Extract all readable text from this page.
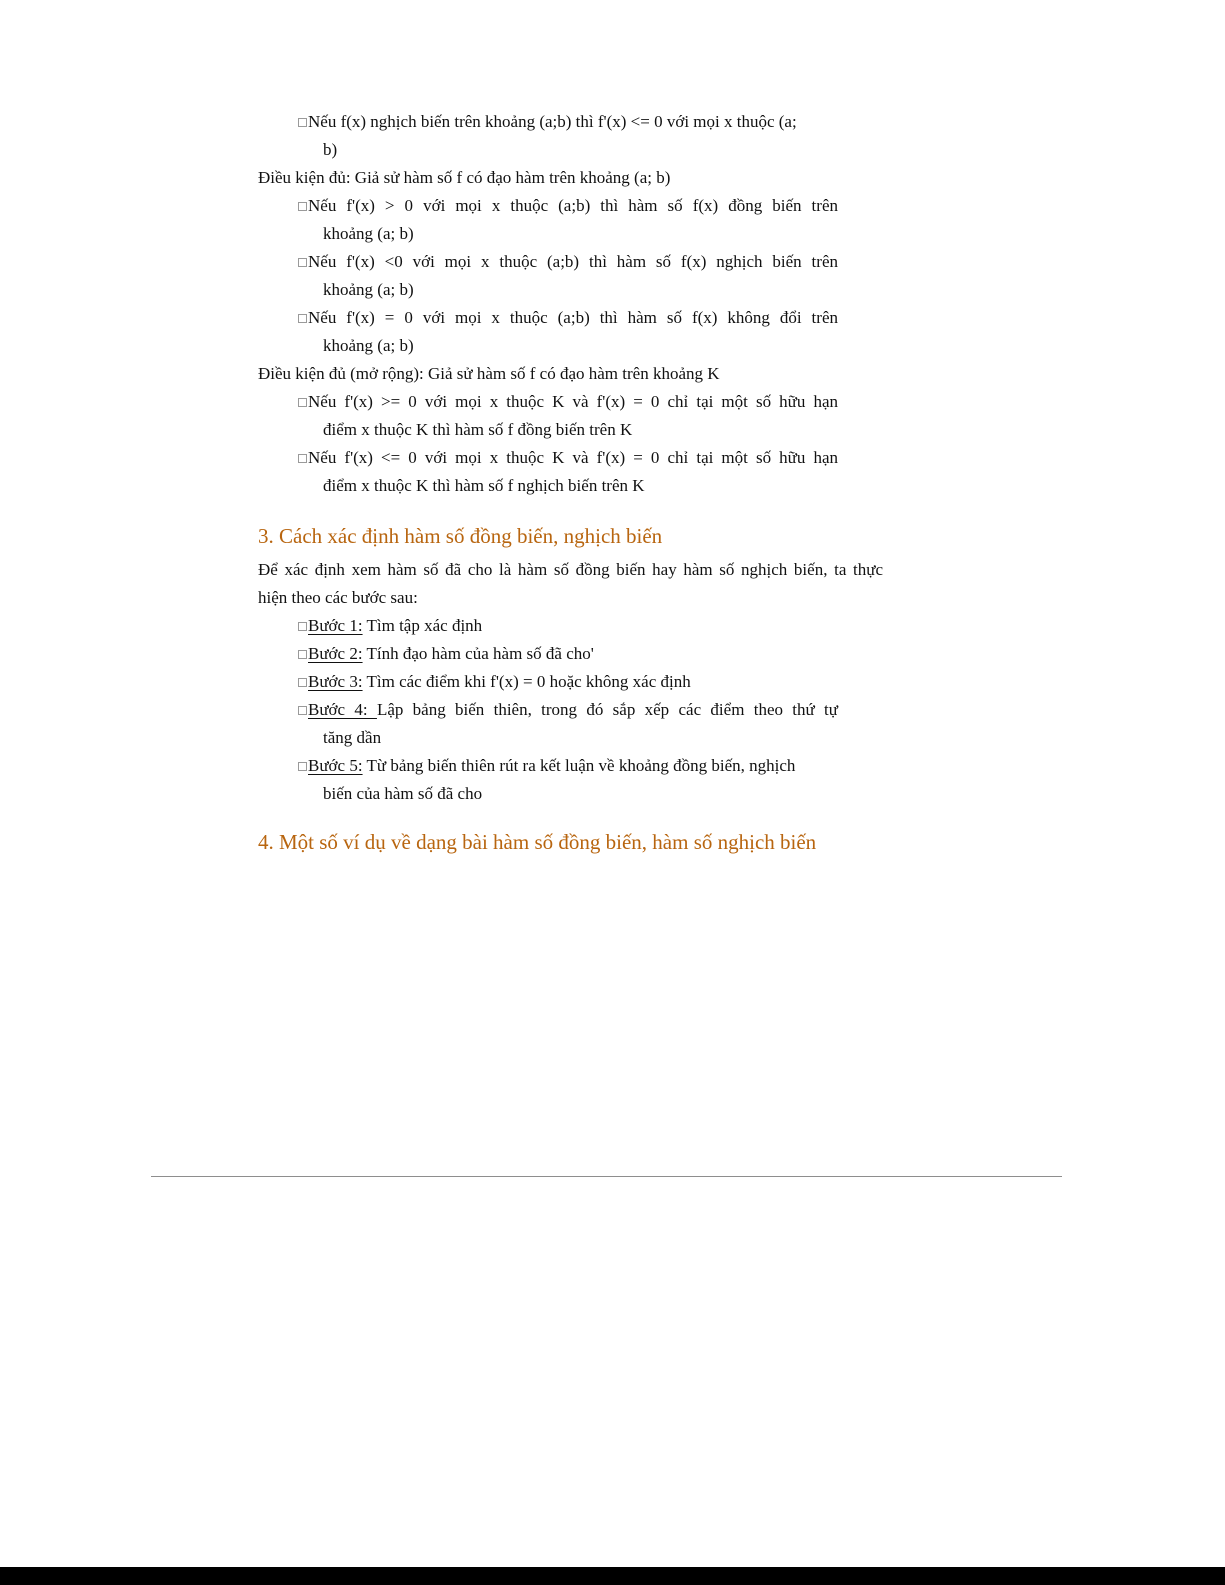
Nếu f(x) nghịch biến trên khoảng (a;b) thì f'(x) <= 0 với mọi x thuộc (a;
b)
Điều kiện đủ: Giả sử hàm số f có đạo hàm trên khoảng (a; b)
Nếu f'(x) > 0 với mọi x thuộc (a;b) thì hàm số f(x) đồng biến trên
khoảng (a; b)
Nếu f'(x) <0 với mọi x thuộc (a;b) thì hàm số f(x) nghịch biến trên
khoảng (a; b)
Nếu f'(x) = 0 với mọi x thuộc (a;b) thì hàm số f(x) không đổi trên
khoảng (a; b)
Điều kiện đủ (mở rộng): Giả sử hàm số f có đạo hàm trên khoảng K
Nếu f'(x) >= 0 với mọi x thuộc K và f'(x) = 0 chỉ tại một số hữu hạn
điểm x thuộc K thì hàm số f đồng biến trên K
Nếu f'(x) <= 0 với mọi x thuộc K và f'(x) = 0 chỉ tại một số hữu hạn
điểm x thuộc K thì hàm số f nghịch biến trên K
3. Cách xác định hàm số đồng biến, nghịch biến
Để xác định xem hàm số đã cho là hàm số đồng biến hay hàm số nghịch biến, ta thực
hiện theo các bước sau:
Bước 1: Tìm tập xác định
Bước 2: Tính đạo hàm của hàm số đã cho'
Bước 3: Tìm các điểm khi f'(x) = 0 hoặc không xác định
Bước 4: Lập bảng biến thiên, trong đó sắp xếp các điểm theo thứ tự
tăng dần
Bước 5: Từ bảng biến thiên rút ra kết luận về khoảng đồng biến, nghịch
biến của hàm số đã cho
4. Một số ví dụ về dạng bài hàm số đồng biến, hàm số nghịch biến
